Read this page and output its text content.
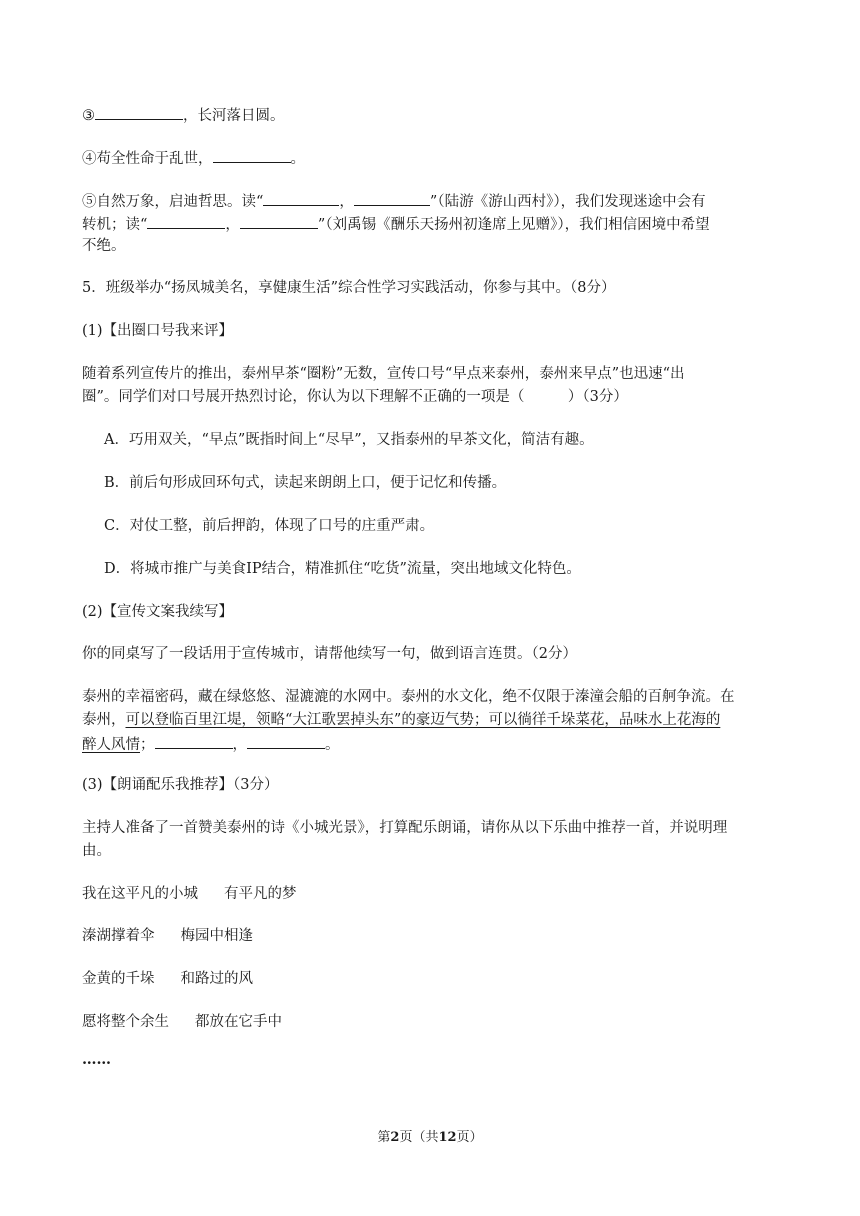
③	，长河落日圆。
④苟全性命于乱世，	。
⑤自然万象，启迪哲思。读“	，	”（陆游《游山西村》），我们发现迷途中会有
转机；读“	，	”（刘禹锡《酬乐天扬州初逢席上见赠》），我们相信困境中希望
不绝。
5．班级举办“扬凤城美名，享健康生活”综合性学习实践活动，你参与其中。（8分）
(1)【出圈口号我来评】
随着系列宣传片的推出，泰州早茶“圈粉”无数，宣传口号“早点来泰州，泰州来早点”也迅速“出
圈”。同学们对口号展开热烈讨论，你认为以下理解不正确的一项是（　　　）（3分）
A．巧用双关，“早点”既指时间上“尽早”，又指泰州的早茶文化，简洁有趣。
B．前后句形成回环句式，读起来朗朗上口，便于记忆和传播。
C．对仗工整，前后押韵，体现了口号的庄重严肃。
D．将城市推广与美食IP结合，精准抓住“吃货”流量，突出地域文化特色。
(2)【宣传文案我续写】
你的同桌写了一段话用于宣传城市，请帮他续写一句，做到语言连贯。（2分）
泰州的幸福密码，藏在绿悠悠、湿漉漉的水网中。泰州的水文化，绝不仅限于溱潼会船的百舸争流。在
泰州，可以登临百里江堤，领略“大江歌罢掉头东”的豪迈气势；可以徜徉千垛菜花，品味水上花海的
醉人风情；	，	。
(3)【朗诵配乐我推荐】（3分）
主持人准备了一首赞美泰州的诗《小城光景》，打算配乐朗诵，请你从以下乐曲中推荐一首，并说明理
由。
我在这平凡的小城 有平凡的梦
溱湖撑着伞 梅园中相逢
金黄的千垛 和路过的风
愿将整个余生 都放在它手中
……
第2页（共12页）
